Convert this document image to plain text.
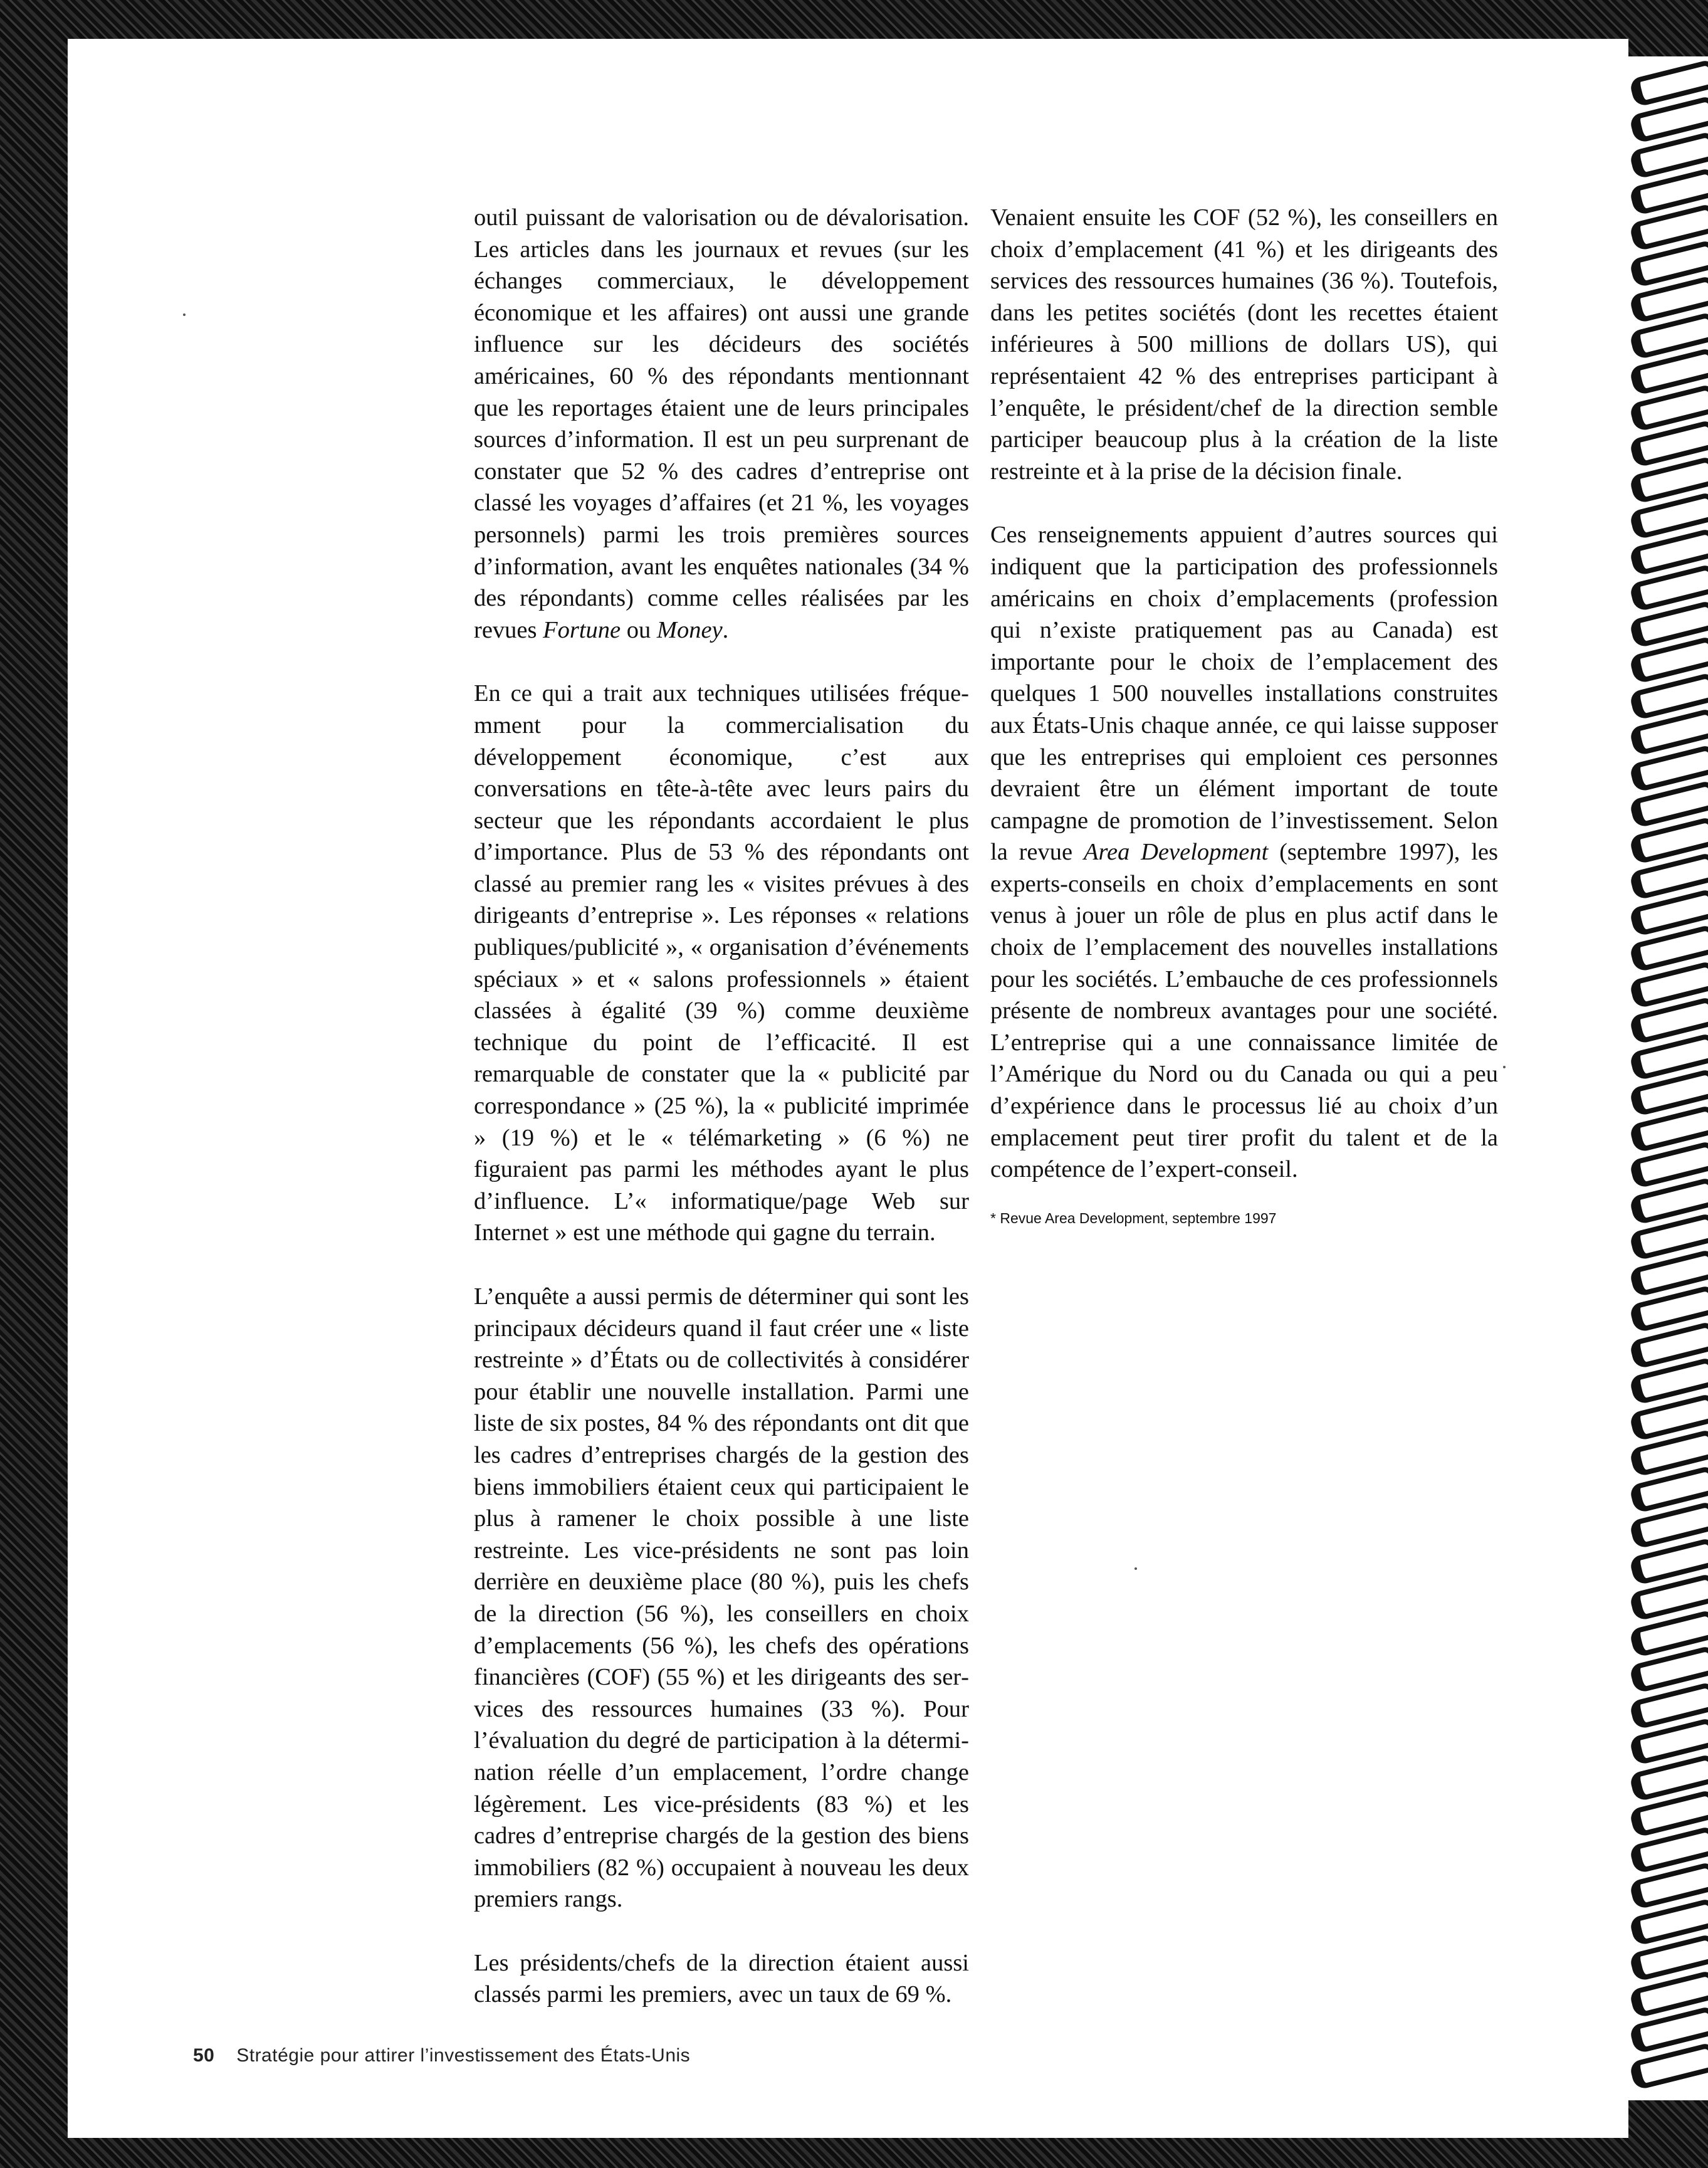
outil puissant de valorisation ou de dévalorisation. Les articles dans les journaux et revues (sur les échanges commerciaux, le développement économique et les affaires) ont aussi une grande influence sur les décideurs des sociétés américaines, 60 % des répondants mentionnant que les reportages étaient une de leurs principales sources d’information. Il est un peu surprenant de constater que 52 % des cadres d’entreprise ont classé les voyages d’affaires (et 21 %, les voyages personnels) parmi les trois premières sources d’information, avant les enquêtes nationales (34 % des répondants) comme celles réalisées par les revues Fortune ou Money.

En ce qui a trait aux techniques utilisées fréquemment pour la commercialisation du développement économique, c’est aux conversations en tête-à-tête avec leurs pairs du secteur que les répondants accordaient le plus d’importance. Plus de 53 % des répondants ont classé au premier rang les « visites prévues à des dirigeants d’entreprise ». Les réponses « relations publiques/publicité », « organisation d’événements spéciaux » et « salons professionnels » étaient classées à égalité (39 %) comme deuxième technique du point de l’efficacité. Il est remarquable de constater que la « publicité par correspondance » (25 %), la « publicité imprimée » (19 %) et le « télémarketing » (6 %) ne figuraient pas parmi les méthodes ayant le plus d’influence. L’« informatique/page Web sur Internet » est une méthode qui gagne du terrain.

L’enquête a aussi permis de déterminer qui sont les principaux décideurs quand il faut créer une « liste restreinte » d’États ou de collectivités à considérer pour établir une nouvelle installation. Parmi une liste de six postes, 84 % des répondants ont dit que les cadres d’entreprises chargés de la gestion des biens immobiliers étaient ceux qui participaient le plus à ramener le choix possible à une liste restreinte. Les vice-présidents ne sont pas loin derrière en deuxième place (80 %), puis les chefs de la direction (56 %), les conseillers en choix d’emplacements (56 %), les chefs des opérations financières (COF) (55 %) et les dirigeants des services des ressources humaines (33 %). Pour l’évaluation du degré de participation à la détermination réelle d’un emplacement, l’ordre change légèrement. Les vice-présidents (83 %) et les cadres d’entreprise chargés de la gestion des biens immobiliers (82 %) occupaient à nouveau les deux premiers rangs.

Les présidents/chefs de la direction étaient aussi classés parmi les premiers, avec un taux de 69 %.

Venaient ensuite les COF (52 %), les conseillers en choix d’emplacement (41 %) et les dirigeants des services des ressources humaines (36 %). Toutefois, dans les petites sociétés (dont les recettes étaient inférieures à 500 millions de dollars US), qui représentaient 42 % des entreprises participant à l’enquête, le président/chef de la direction semble participer beaucoup plus à la création de la liste restreinte et à la prise de la décision finale.

Ces renseignements appuient d’autres sources qui indiquent que la participation des professionnels américains en choix d’emplacements (profession qui n’existe pratiquement pas au Canada) est importante pour le choix de l’emplacement des quelques 1 500 nouvelles installations construites aux États-Unis chaque année, ce qui laisse supposer que les entreprises qui emploient ces personnes devraient être un élément important de toute campagne de promotion de l’investissement. Selon la revue Area Development (septembre 1997), les experts-conseils en choix d’emplacements en sont venus à jouer un rôle de plus en plus actif dans le choix de l’emplacement des nouvelles installations pour les sociétés. L’embauche de ces professionnels présente de nombreux avantages pour une société. L’entreprise qui a une connaissance limitée de l’Amérique du Nord ou du Canada ou qui a peu d’expérience dans le processus lié au choix d’un emplacement peut tirer profit du talent et de la compétence de l’expert-conseil.

* Revue Area Development, septembre 1997
50 Stratégie pour attirer l’investissement des États-Unis
